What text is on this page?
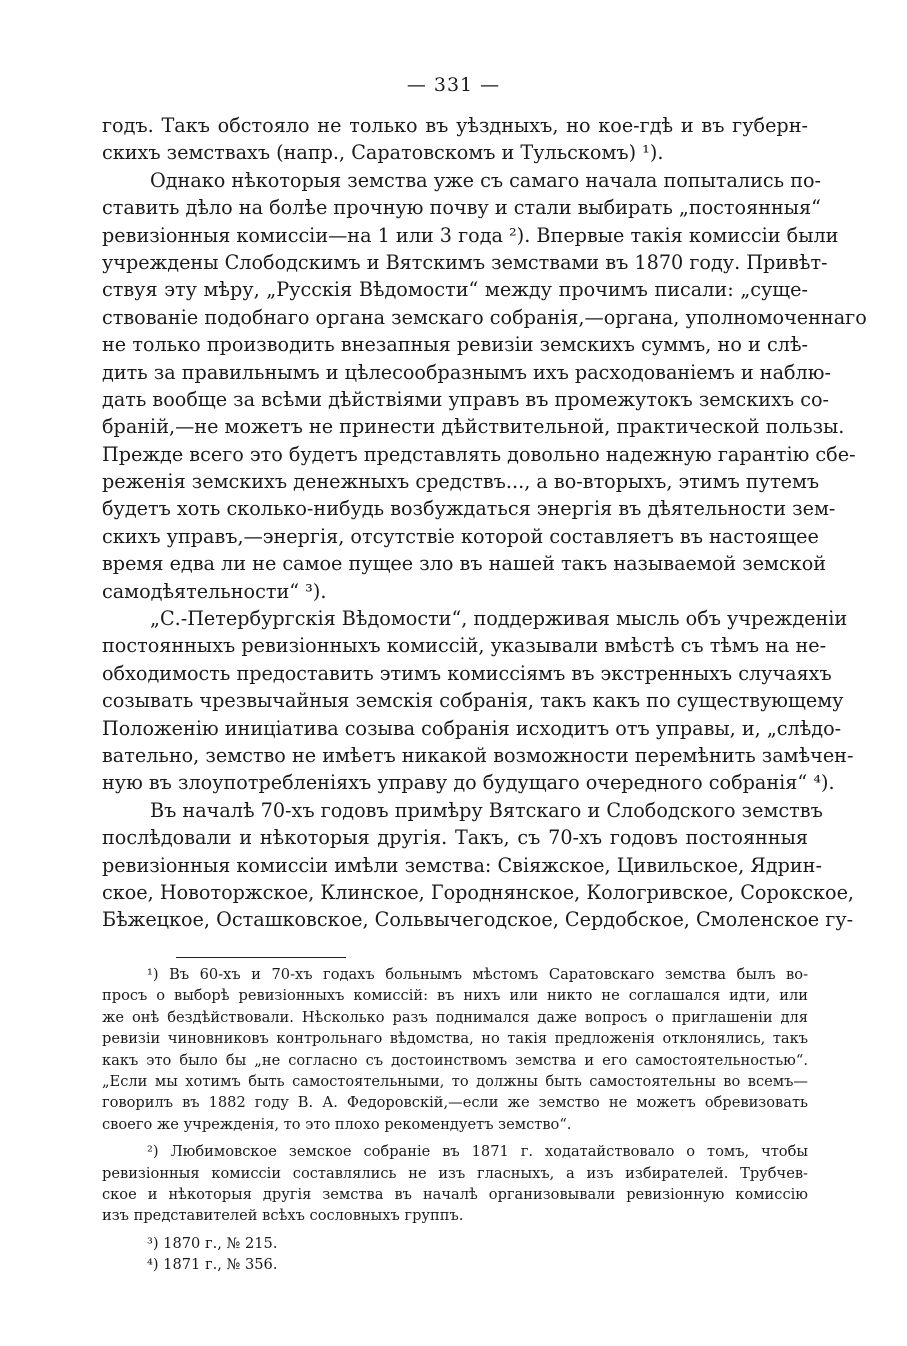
— 331 —
годъ. Такъ обстояло не только въ уѣздныхъ, но кое-гдѣ и въ губерн-
скихъ земствахъ (напр., Саратовскомъ и Тульскомъ) ¹).
Однако нѣкоторыя земства уже съ самаго начала попытались по-
ставить дѣло на болѣе прочную почву и стали выбирать „постоянныя“
ревизіонныя комиссіи—на 1 или 3 года ²). Впервые такія комиссіи были
учреждены Слободскимъ и Вятскимъ земствами въ 1870 году. Привѣт-
ствуя эту мѣру, „Русскія Вѣдомости“ между прочимъ писали: „суще-
ствованіе подобнаго органа земскаго собранія,—органа, уполномоченнаго
не только производить внезапныя ревизіи земскихъ суммъ, но и слѣ-
дить за правильнымъ и цѣлесообразнымъ ихъ расходованіемъ и наблю-
дать вообще за всѣми дѣйствіями управъ въ промежутокъ земскихъ со-
браній,—не можетъ не принести дѣйствительной, практической пользы.
Прежде всего это будетъ представлять довольно надежную гарантію сбе-
реженія земскихъ денежныхъ средствъ..., а во-вторыхъ, этимъ путемъ
будетъ хоть сколько-нибудь возбуждаться энергія въ дѣятельности зем-
скихъ управъ,—энергія, отсутствіе которой составляетъ въ настоящее
время едва ли не самое пущее зло въ нашей такъ называемой земской
самодѣятельности“ ³).
„С.-Петербургскія Вѣдомости“, поддерживая мысль объ учрежденіи
постоянныхъ ревизіонныхъ комиссій, указывали вмѣстѣ съ тѣмъ на не-
обходимость предоставить этимъ комиссіямъ въ экстренныхъ случаяхъ
созывать чрезвычайныя земскія собранія, такъ какъ по существующему
Положенію иниціатива созыва собранія исходитъ отъ управы, и, „слѣдо-
вательно, земство не имѣетъ никакой возможности перемѣнить замѣчен-
ную въ злоупотребленіяхъ управу до будущаго очередного собранія“ ⁴).
Въ началѣ 70-хъ годовъ примѣру Вятскаго и Слободского земствъ
послѣдовали и нѣкоторыя другія. Такъ, съ 70-хъ годовъ постоянныя
ревизіонныя комиссіи имѣли земства: Свіяжское, Цивильское, Ядрин-
ское, Новоторжское, Клинское, Городнянское, Кологривское, Сорокское,
Бѣжецкое, Осташковское, Сольвычегодское, Сердобское, Смоленское гу-
¹) Въ 60-хъ и 70-хъ годахъ больнымъ мѣстомъ Саратовскаго земства былъ во-
просъ о выборѣ ревизіонныхъ комиссій: въ нихъ или никто не соглашался идти, или
же онѣ бездѣйствовали. Нѣсколько разъ поднимался даже вопросъ о приглашеніи для
ревизіи чиновниковъ контрольнаго вѣдомства, но такія предложенія отклонялись, такъ
какъ это было бы „не согласно съ достоинствомъ земства и его самостоятельностью“.
„Если мы хотимъ быть самостоятельными, то должны быть самостоятельны во всемъ—
говорилъ въ 1882 году В. А. Федоровскій,—если же земство не можетъ обревизовать
своего же учрежденія, то это плохо рекомендуетъ земство“.
²) Любимовское земское собраніе въ 1871 г. ходатайствовало о томъ, чтобы
ревизіонныя комиссіи составлялись не изъ гласныхъ, а изъ избирателей. Трубчев-
ское и нѣкоторыя другія земства въ началѣ организовывали ревизіонную комиссію
изъ представителей всѣхъ сословныхъ группъ.
³) 1870 г., № 215.
⁴) 1871 г., № 356.
